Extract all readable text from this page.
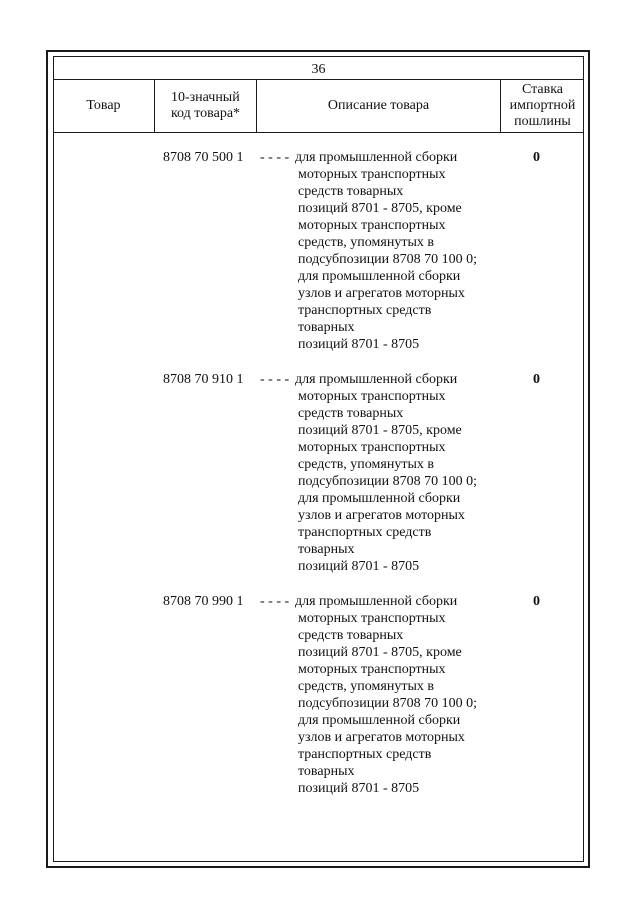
36
Товар
10-значный
код товара*
Описание товара
Ставка
импортной
пошлины
8708 70 500 1 - - - - для промышленной сборки
моторных транспортных
средств товарных
позиций 8701 - 8705, кроме
моторных транспортных
средств, упомянутых в
подсубпозиции 8708 70 100 0;
для промышленной сборки
узлов и агрегатов моторных
транспортных средств
товарных
позиций 8701 - 8705
0
8708 70 910 1 - - - - для промышленной сборки
моторных транспортных
средств товарных
позиций 8701 - 8705, кроме
моторных транспортных
средств, упомянутых в
подсубпозиции 8708 70 100 0;
для промышленной сборки
узлов и агрегатов моторных
транспортных средств
товарных
позиций 8701 - 8705
0
8708 70 990 1 - - - - для промышленной сборки
моторных транспортных
средств товарных
позиций 8701 - 8705, кроме
моторных транспортных
средств, упомянутых в
подсубпозиции 8708 70 100 0;
для промышленной сборки
узлов и агрегатов моторных
транспортных средств
товарных
позиций 8701 - 8705
0
